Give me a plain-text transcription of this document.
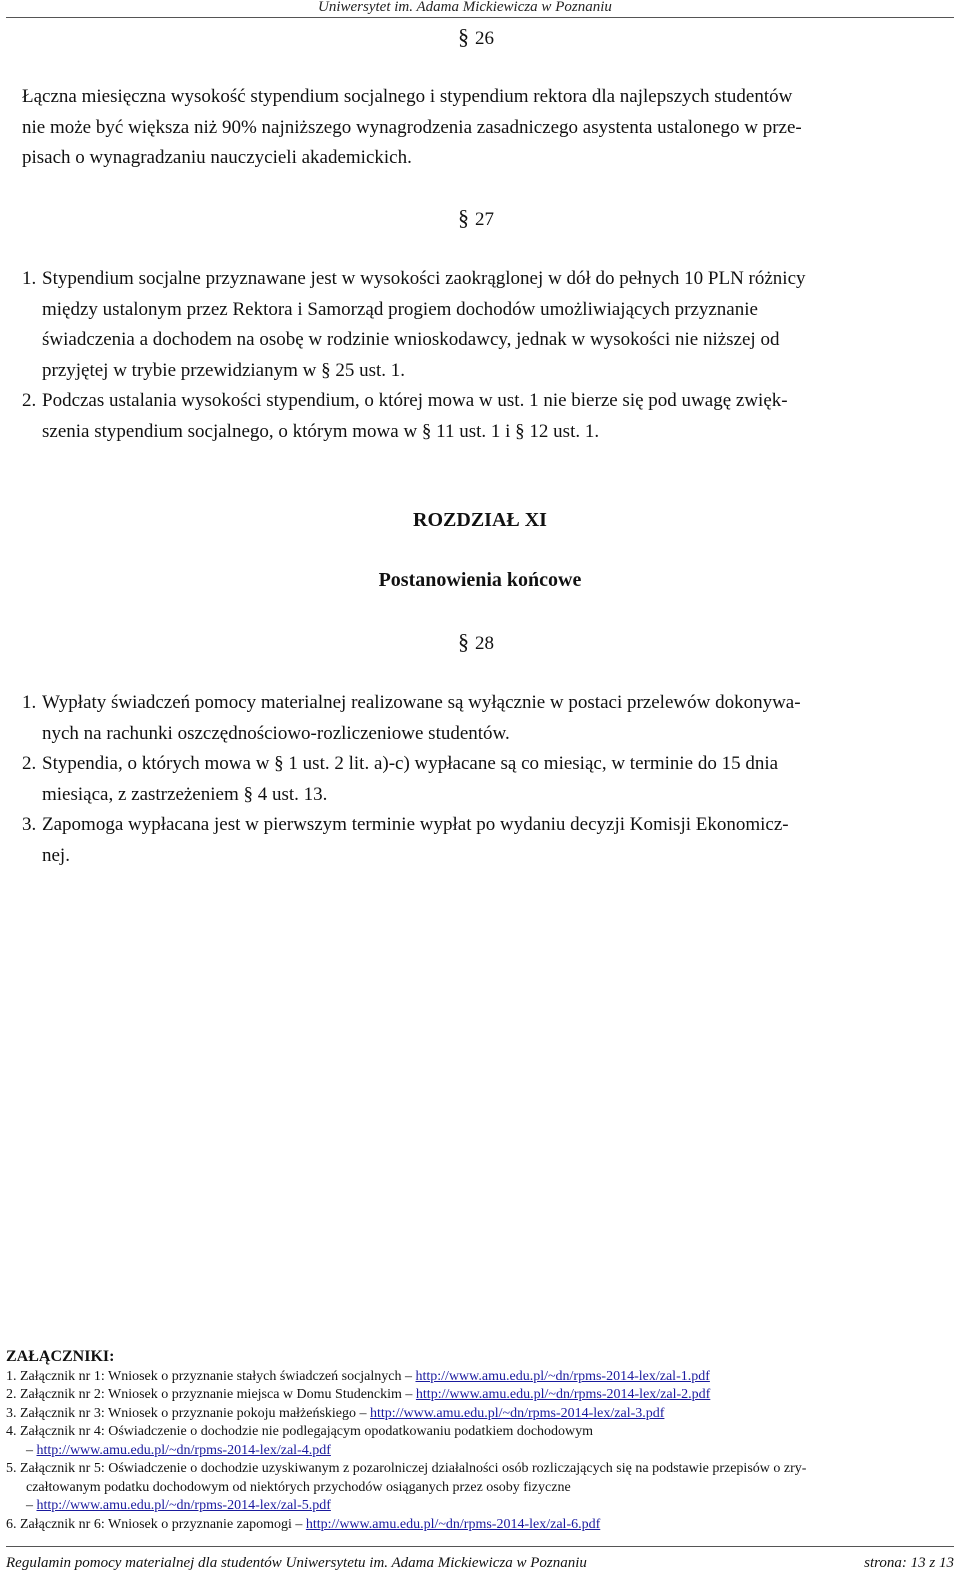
Uniwersytet im. Adama Mickiewicza w Poznaniu
§ 26
Łączna miesięczna wysokość stypendium socjalnego i stypendium rektora dla najlepszych studentów
nie może być większa niż 90% najniższego wynagrodzenia zasadniczego asystenta ustalonego w prze-
pisach o wynagradzaniu nauczycieli akademickich.
§ 27
1. Stypendium socjalne przyznawane jest w wysokości zaokrąglonej w dół do pełnych 10 PLN różnicy
między ustalonym przez Rektora i Samorząd progiem dochodów umożliwiających przyznanie
świadczenia a dochodem na osobę w rodzinie wnioskodawcy, jednak w wysokości nie niższej od
przyjętej w trybie przewidzianym w § 25 ust. 1.
2. Podczas ustalania wysokości stypendium, o której mowa w ust. 1 nie bierze się pod uwagę zwięk-
szenia stypendium socjalnego, o którym mowa w § 11 ust. 1 i § 12 ust. 1.
ROZDZIAŁ XI
Postanowienia końcowe
§ 28
1. Wypłaty świadczeń pomocy materialnej realizowane są wyłącznie w postaci przelewów dokonywa-
nych na rachunki oszczędnościowo-rozliczeniowe studentów.
2. Stypendia, o których mowa w § 1 ust. 2 lit. a)-c) wypłacane są co miesiąc, w terminie do 15 dnia
miesiąca, z zastrzeżeniem § 4 ust. 13.
3. Zapomoga wypłacana jest w pierwszym terminie wypłat po wydaniu decyzji Komisji Ekonomicz-
nej.
ZAŁĄCZNIKI:
1. Załącznik nr 1: Wniosek o przyznanie stałych świadczeń socjalnych – http://www.amu.edu.pl/~dn/rpms-2014-lex/zal-1.pdf
2. Załącznik nr 2: Wniosek o przyznanie miejsca w Domu Studenckim – http://www.amu.edu.pl/~dn/rpms-2014-lex/zal-2.pdf
3. Załącznik nr 3: Wniosek o przyznanie pokoju małżeńskiego – http://www.amu.edu.pl/~dn/rpms-2014-lex/zal-3.pdf
4. Załącznik nr 4: Oświadczenie o dochodzie nie podlegającym opodatkowaniu podatkiem dochodowym
– http://www.amu.edu.pl/~dn/rpms-2014-lex/zal-4.pdf
5. Załącznik nr 5: Oświadczenie o dochodzie uzyskiwanym z pozarolniczej działalności osób rozliczających się na podstawie przepisów o zry-
czałtowanym podatku dochodowym od niektórych przychodów osiąganych przez osoby fizyczne
– http://www.amu.edu.pl/~dn/rpms-2014-lex/zal-5.pdf
6. Załącznik nr 6: Wniosek o przyznanie zapomogi – http://www.amu.edu.pl/~dn/rpms-2014-lex/zal-6.pdf
Regulamin pomocy materialnej dla studentów Uniwersytetu im. Adama Mickiewicza w Poznaniu	strona: 13 z 13
